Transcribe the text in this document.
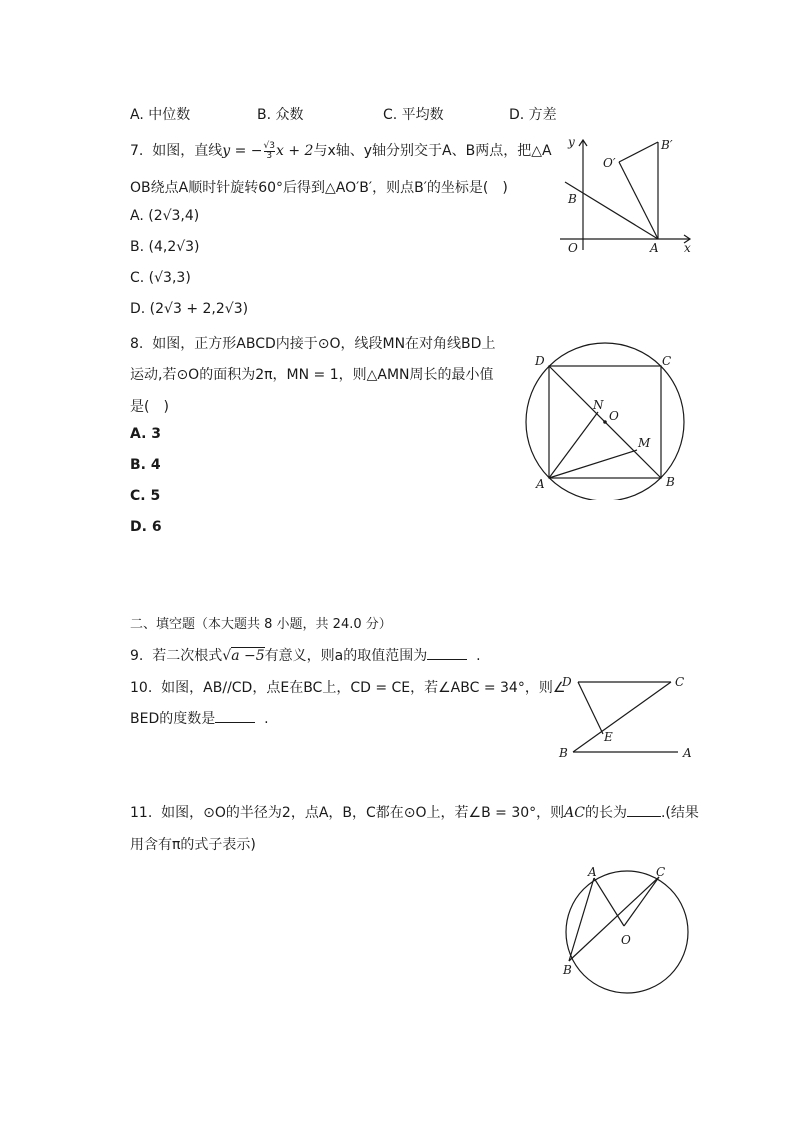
A. 中位数	B. 众数	C. 平均数	D. 方差
7. 如图，直线y = − $\frac{√3}{3}$ x + 2与x轴、y轴分别交于A、B两点，把△A
OB绕点A顺时针旋转60°后得到△AO′B′，则点B′的坐标是(　)
A. (2√3,4)
B. (4,2√3)
C. (√3,3)
D. (2√3 + 2,2√3)
y
x
O	A
B
O′
B′
8. 如图，正方形ABCD内接于⊙O，线段MN在对角线BD上
运动,若⊙O的面积为2π，MN = 1，则△AMN周长的最小值
是(　)
A. 3
B. 4
C. 5
D. 6
D	C
A	B
N
O
M
二、填空题（本大题共 8 小题，共 24.0 分）
9. 若二次根式√a −5有意义，则a的取值范围为	.
10. 如图，AB//CD，点E在BC上，CD = CE，若∠ABC = 34°，则∠
BED的度数是	.
D	C
E
B	A
11. 如图，⊙O的半径为2，点A，B，C都在⊙O上，若∠B = 30°，则AC的长为 .(结果
用含有π的式子表示)
A	C
O
B
